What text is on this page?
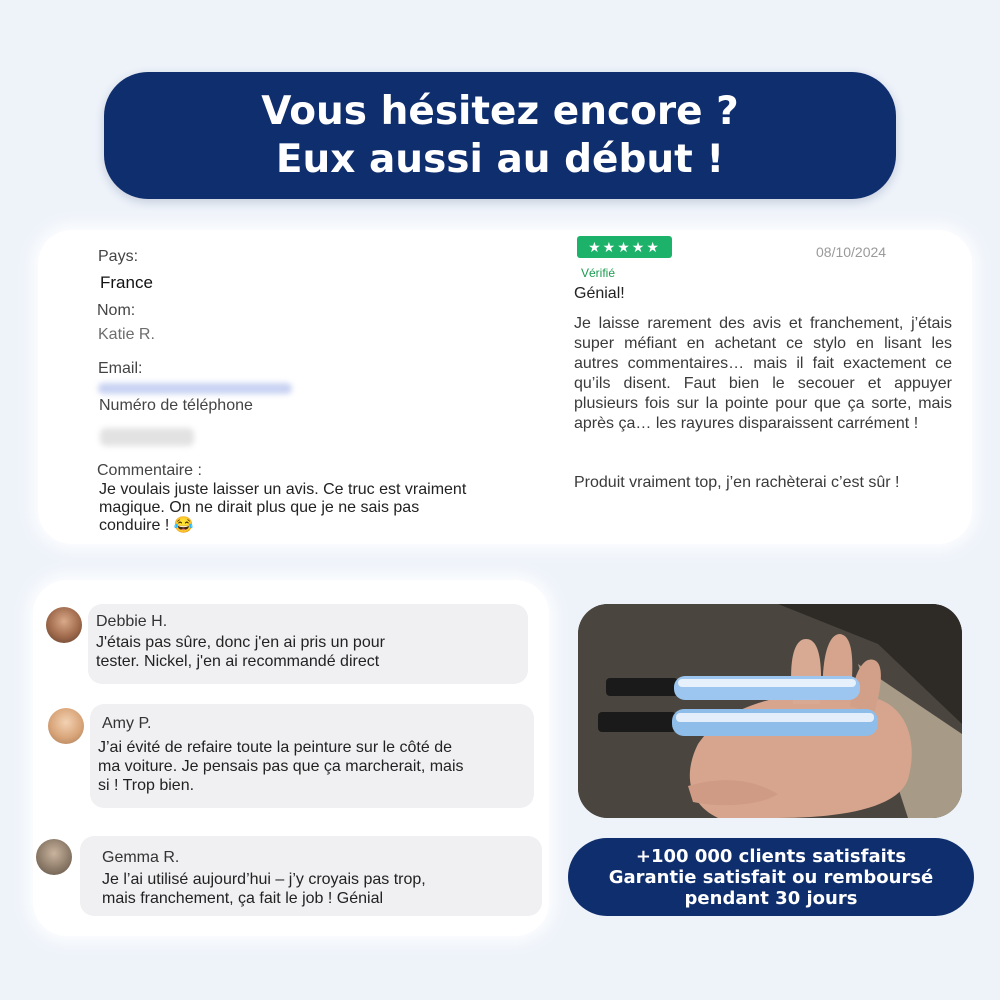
Vous hésitez encore ?
Eux aussi au début !
Pays:
France
Nom:
Katie R.
Email:
Numéro de téléphone
Commentaire :
Je voulais juste laisser un avis. Ce truc est vraiment
magique. On ne dirait plus que je ne sais pas
conduire ! 😂
★★★★★
Vérifié
08/10/2024
Génial!
Je laisse rarement des avis et franchement, j’étais super méfiant en achetant ce stylo en lisant les autres commentaires… mais il fait exactement ce qu’ils disent. Faut bien le secouer et appuyer plusieurs fois sur la pointe pour que ça sorte, mais après ça… les rayures disparaissent carrément !
Produit vraiment top, j’en rachèterai c’est sûr !
Debbie H.
J'étais pas sûre, donc j'en ai pris un pour
tester. Nickel, j'en ai recommandé direct
Amy P.
J’ai évité de refaire toute la peinture sur le côté de
ma voiture. Je pensais pas que ça marcherait, mais
si ! Trop bien.
Gemma R.
Je l’ai utilisé aujourd’hui – j’y croyais pas trop,
mais franchement, ça fait le job ! Génial
+100 000 clients satisfaits
Garantie satisfait ou remboursé
pendant 30 jours
